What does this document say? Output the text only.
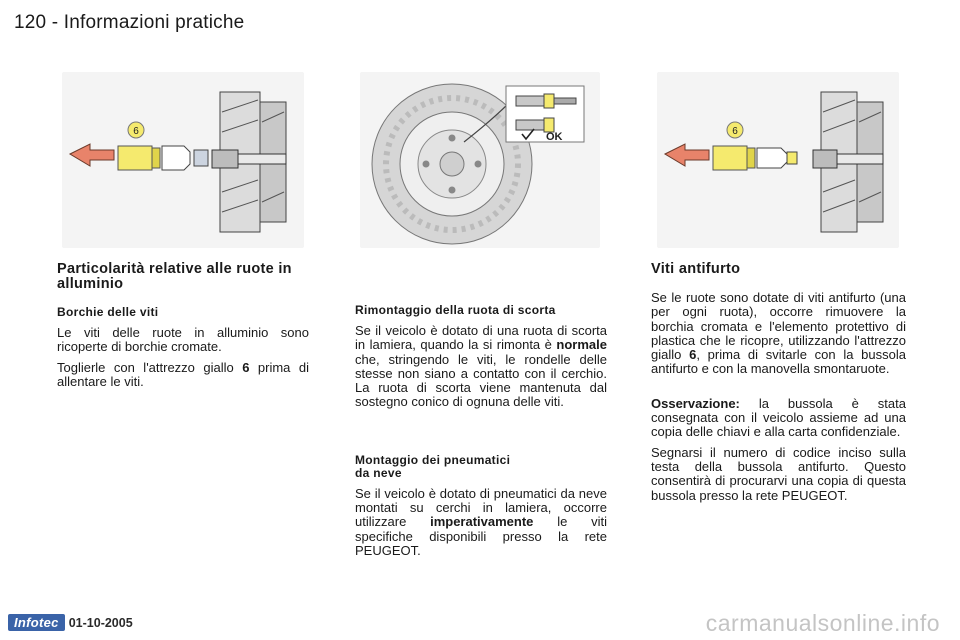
120 - Informazioni pratiche
6	OK	6
Particolarità relative alle ruote in alluminio
Borchie delle viti

Le viti delle ruote in alluminio sono ricoperte di borchie cromate.

Toglierle con l'attrezzo giallo 6 prima di allentare le viti.

Rimontaggio della ruota di scorta

Se il veicolo è dotato di una ruota di scorta in lamiera, quando la si rimonta è normale che, stringendo le viti, le rondelle delle stesse non siano a contatto con il cerchio. La ruota di scorta viene mantenuta dal sostegno conico di ognuna delle viti.

Montaggio dei pneumatici
da neve

Se il veicolo è dotato di pneumatici da neve montati su cerchi in lamiera, occorre utilizzare imperativamente le viti specifiche disponibili presso la rete PEUGEOT.

Viti antifurto

Se le ruote sono dotate di viti antifurto (una per ogni ruota), occorre rimuovere la borchia cromata e l'elemento protettivo di plastica che le ricopre, utilizzando l'attrezzo giallo 6, prima di svitarle con la bussola antifurto e con la manovella smontaruote.

Osservazione: la bussola è stata consegnata con il veicolo assieme ad una copia delle chiavi e alla carta confidenziale.

Segnarsi il numero di codice inciso sulla testa della bussola antifurto. Questo consentirà di procurarvi una copia di questa bussola presso la rete PEUGEOT.

Infotec 01-10-2005	carmanualsonline.info
